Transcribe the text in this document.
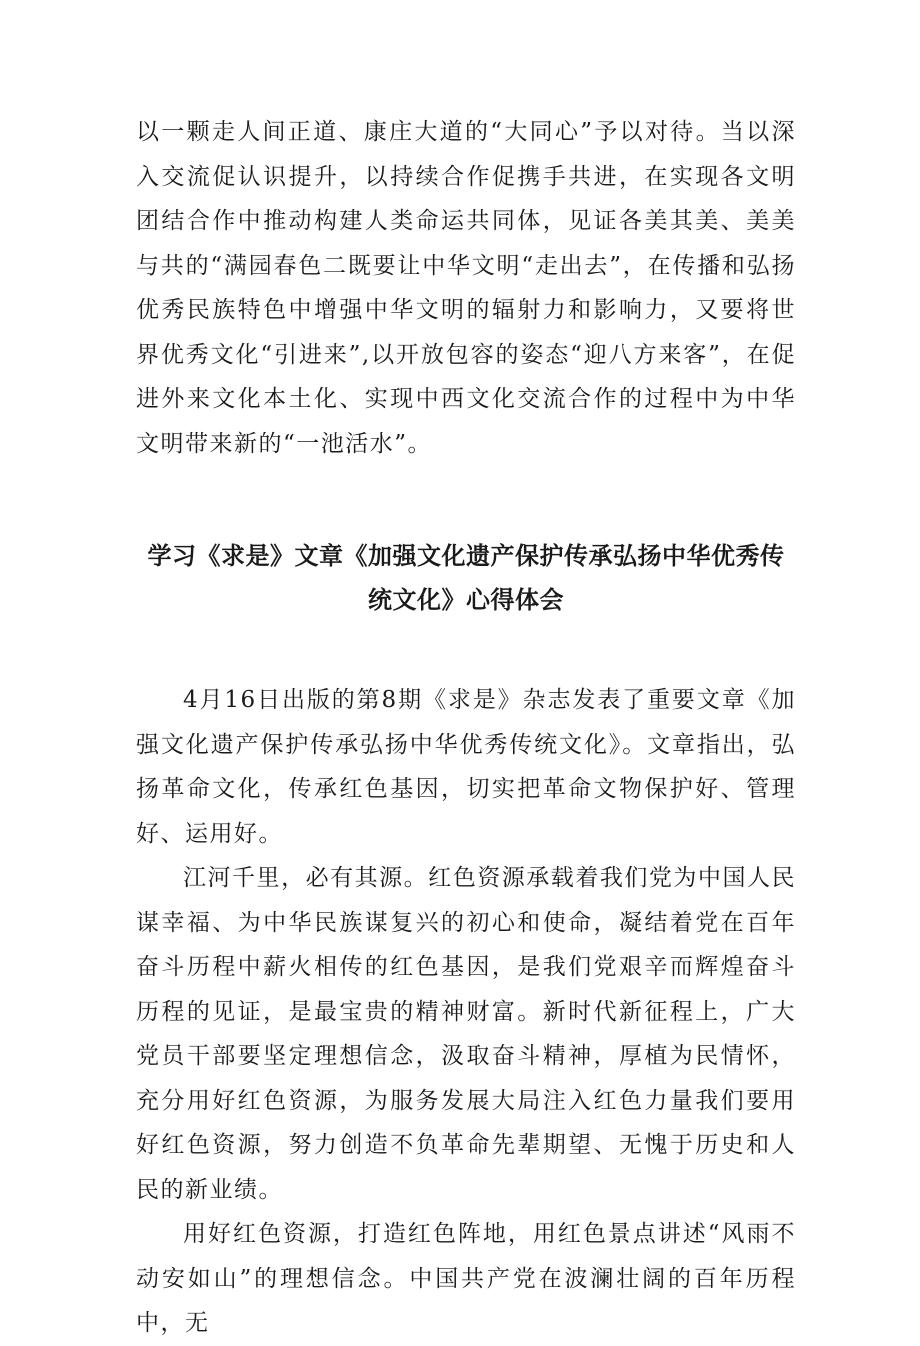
以一颗走人间正道、康庄大道的“大同心”予以对待。当以深入交流促认识提升，以持续合作促携手共进，在实现各文明团结合作中推动构建人类命运共同体，见证各美其美、美美与共的“满园春色二既要让中华文明“走出去”，在传播和弘扬优秀民族特色中增强中华文明的辐射力和影响力，又要将世界优秀文化“引进来”,以开放包容的姿态“迎八方来客”，在促进外来文化本土化、实现中西文化交流合作的过程中为中华文明带来新的“一池活水”。

学习《求是》文章《加强文化遗产保护传承弘扬中华优秀传
统文化》心得体会

4月16日出版的第8期《求是》杂志发表了重要文章《加强文化遗产保护传承弘扬中华优秀传统文化》。文章指出，弘扬革命文化，传承红色基因，切实把革命文物保护好、管理好、运用好。

江河千里，必有其源。红色资源承载着我们党为中国人民谋幸福、为中华民族谋复兴的初心和使命，凝结着党在百年奋斗历程中薪火相传的红色基因，是我们党艰辛而辉煌奋斗历程的见证，是最宝贵的精神财富。新时代新征程上，广大党员干部要坚定理想信念，汲取奋斗精神，厚植为民情怀，充分用好红色资源，为服务发展大局注入红色力量我们要用好红色资源，努力创造不负革命先辈期望、无愧于历史和人民的新业绩。

用好红色资源，打造红色阵地，用红色景点讲述“风雨不动安如山”的理想信念。中国共产党在波澜壮阔的百年历程中，无
